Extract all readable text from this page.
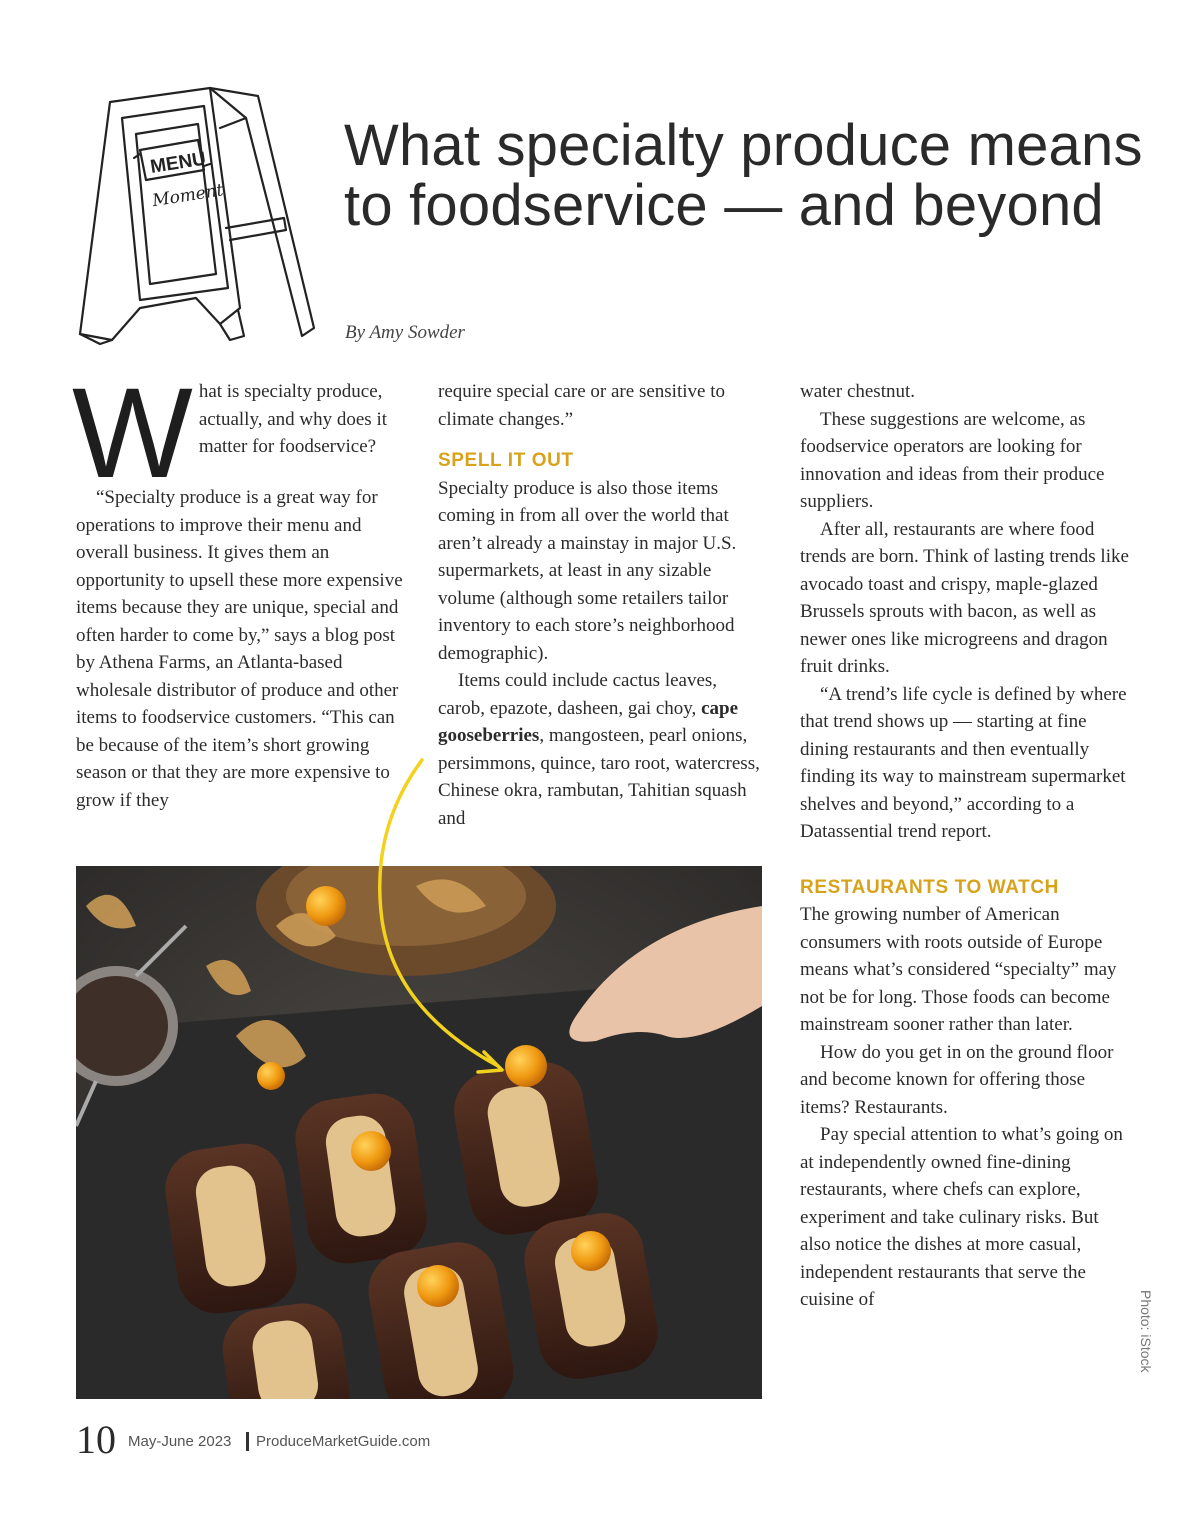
MENU
Moment
What specialty produce means to foodservice — and beyond

By Amy Sowder

W hat is specialty produce, actually, and why does it matter for foodservice?

“Specialty produce is a great way for operations to improve their menu and overall business. It gives them an opportunity to upsell these more expensive items because they are unique, special and often harder to come by,” says a blog post by Athena Farms, an Atlanta-based wholesale distributor of produce and other items to foodservice customers. “This can be because of the item’s short growing season or that they are more expensive to grow if they

require special care or are sensitive to climate changes.”

SPELL IT OUT

Specialty produce is also those items coming in from all over the world that aren’t already a mainstay in major U.S. supermarkets, at least in any sizable volume (although some retailers tailor inventory to each store’s neighborhood demographic).

Items could include cactus leaves, carob, epazote, dasheen, gai choy, cape gooseberries, mangosteen, pearl onions, persimmons, quince, taro root, watercress, Chinese okra, rambutan, Tahitian squash and

water chestnut.

These suggestions are welcome, as foodservice operators are looking for innovation and ideas from their produce suppliers.

After all, restaurants are where food trends are born. Think of lasting trends like avocado toast and crispy, maple-glazed Brussels sprouts with bacon, as well as newer ones like microgreens and dragon fruit drinks.

“A trend’s life cycle is defined by where that trend shows up — starting at fine dining restaurants and then eventually finding its way to mainstream supermarket shelves and beyond,” according to a Datassential trend report.

RESTAURANTS TO WATCH

The growing number of American consumers with roots outside of Europe means what’s considered “specialty” may not be for long. Those foods can become mainstream sooner rather than later.

How do you get in on the ground floor and become known for offering those items? Restaurants.

Pay special attention to what’s going on at independently owned fine-dining restaurants, where chefs can explore, experiment and take culinary risks. But also notice the dishes at more casual, independent restaurants that serve the cuisine of	Photo: iStock
10 May-June 2023 ProduceMarketGuide.com
